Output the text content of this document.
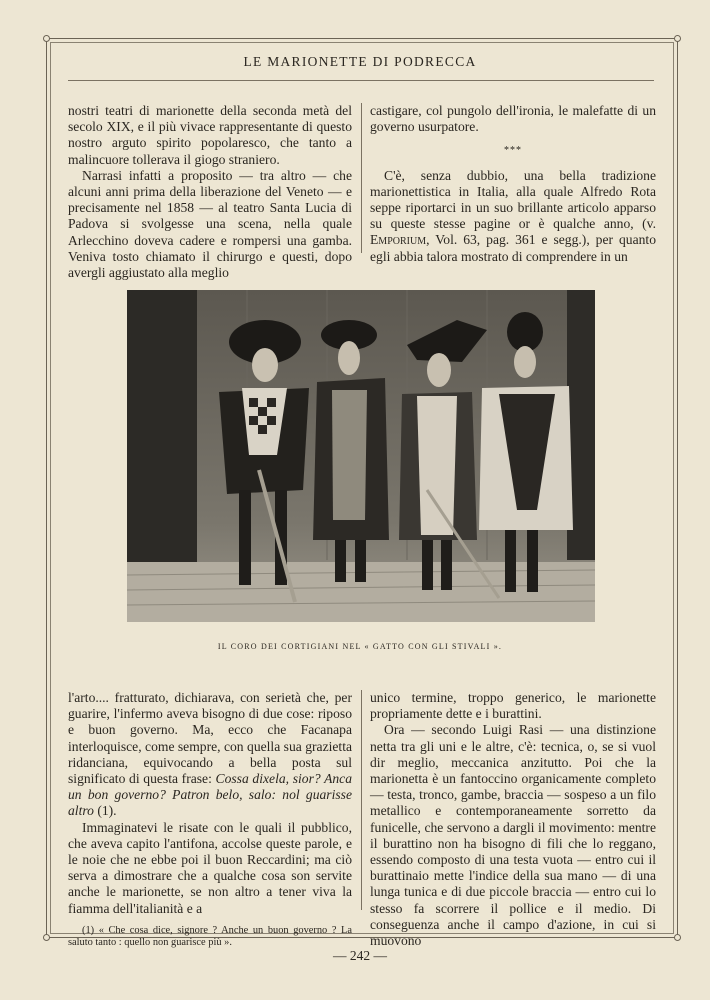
LE MARIONETTE DI PODRECCA

nostri teatri di marionette della seconda metà del secolo XIX, e il più vivace rappresentante di questo nostro arguto spirito popolaresco, che tanto a malincuore tollerava il giogo straniero.

Narrasi infatti a proposito — tra altro — che alcuni anni prima della liberazione del Veneto — e precisamente nel 1858 — al teatro Santa Lucia di Padova si svolgesse una scena, nella quale Arlecchino doveva cadere e rompersi una gamba. Veniva tosto chiamato il chirurgo e questi, dopo avergli aggiustato alla meglio

castigare, col pungolo dell'ironia, le malefatte di un governo usurpatore.

***

C'è, senza dubbio, una bella tradizione marionettistica in Italia, alla quale Alfredo Rota seppe riportarci in un suo brillante articolo apparso su queste stesse pagine or è qualche anno, (v. Emporium, Vol. 63, pag. 361 e segg.), per quanto egli abbia talora mostrato di comprendere in un

IL CORO DEI CORTIGIANI NEL « GATTO CON GLI STIVALI ».

l'arto.... fratturato, dichiarava, con serietà che, per guarire, l'infermo aveva bisogno di due cose: riposo e buon governo. Ma, ecco che Facanapa interloquisce, come sempre, con quella sua grazietta ridanciana, equivocando a bella posta sul significato di questa frase: Cossa dixela, sior? Anca un bon governo? Patron belo, salo: nol guarisse altro (1).

Immaginatevi le risate con le quali il pubblico, che aveva capito l'antifona, accolse queste parole, e le noie che ne ebbe poi il buon Reccardini; ma ciò serva a dimostrare che a qualche cosa son servite anche le marionette, se non altro a tener viva la fiamma dell'italianità e a

(1) « Che cosa dice, signore ? Anche un buon governo ? La saluto tanto : quello non guarisce più ».

unico termine, troppo generico, le marionette propriamente dette e i burattini.

Ora — secondo Luigi Rasi — una distinzione netta tra gli uni e le altre, c'è: tecnica, o, se si vuol dir meglio, meccanica anzitutto. Poi che la marionetta è un fantoccino organicamente completo — testa, tronco, gambe, braccia — sospeso a un filo metallico e contemporaneamente sorretto da funicelle, che servono a dargli il movimento: mentre il burattino non ha bisogno di fili che lo reggano, essendo composto di una testa vuota — entro cui il burattinaio mette l'indice della sua mano — di una lunga tunica e di due piccole braccia — entro cui lo stesso fa scorrere il pollice e il medio. Di conseguenza anche il campo d'azione, in cui si muovono

— 242 —
